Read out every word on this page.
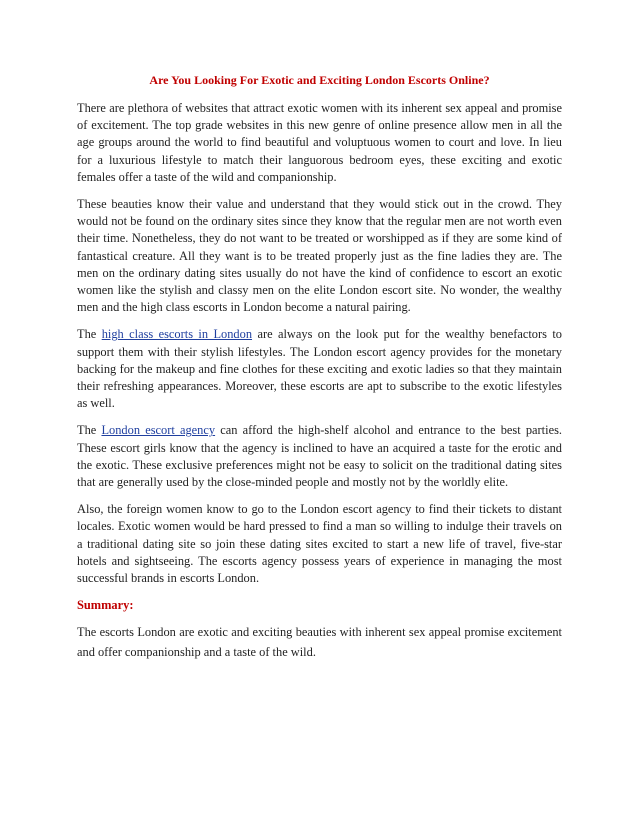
Are You Looking For Exotic and Exciting London Escorts Online?

There are plethora of websites that attract exotic women with its inherent sex appeal and promise of excitement. The top grade websites in this new genre of online presence allow men in all the age groups around the world to find beautiful and voluptuous women to court and love. In lieu for a luxurious lifestyle to match their languorous bedroom eyes, these exciting and exotic females offer a taste of the wild and companionship.

These beauties know their value and understand that they would stick out in the crowd. They would not be found on the ordinary sites since they know that the regular men are not worth even their time. Nonetheless, they do not want to be treated or worshipped as if they are some kind of fantastical creature. All they want is to be treated properly just as the fine ladies they are. The men on the ordinary dating sites usually do not have the kind of confidence to escort an exotic women like the stylish and classy men on the elite London escort site. No wonder, the wealthy men and the high class escorts in London become a natural pairing.

The high class escorts in London are always on the look put for the wealthy benefactors to support them with their stylish lifestyles. The London escort agency provides for the monetary backing for the makeup and fine clothes for these exciting and exotic ladies so that they maintain their refreshing appearances. Moreover, these escorts are apt to subscribe to the exotic lifestyles as well.

The London escort agency can afford the high-shelf alcohol and entrance to the best parties. These escort girls know that the agency is inclined to have an acquired a taste for the erotic and the exotic. These exclusive preferences might not be easy to solicit on the traditional dating sites that are generally used by the close-minded people and mostly not by the worldly elite.

Also, the foreign women know to go to the London escort agency to find their tickets to distant locales. Exotic women would be hard pressed to find a man so willing to indulge their travels on a traditional dating site so join these dating sites excited to start a new life of travel, five-star hotels and sightseeing. The escorts agency possess years of experience in managing the most successful brands in escorts London.

Summary:

The escorts London are exotic and exciting beauties with inherent sex appeal promise excitement and offer companionship and a taste of the wild.
